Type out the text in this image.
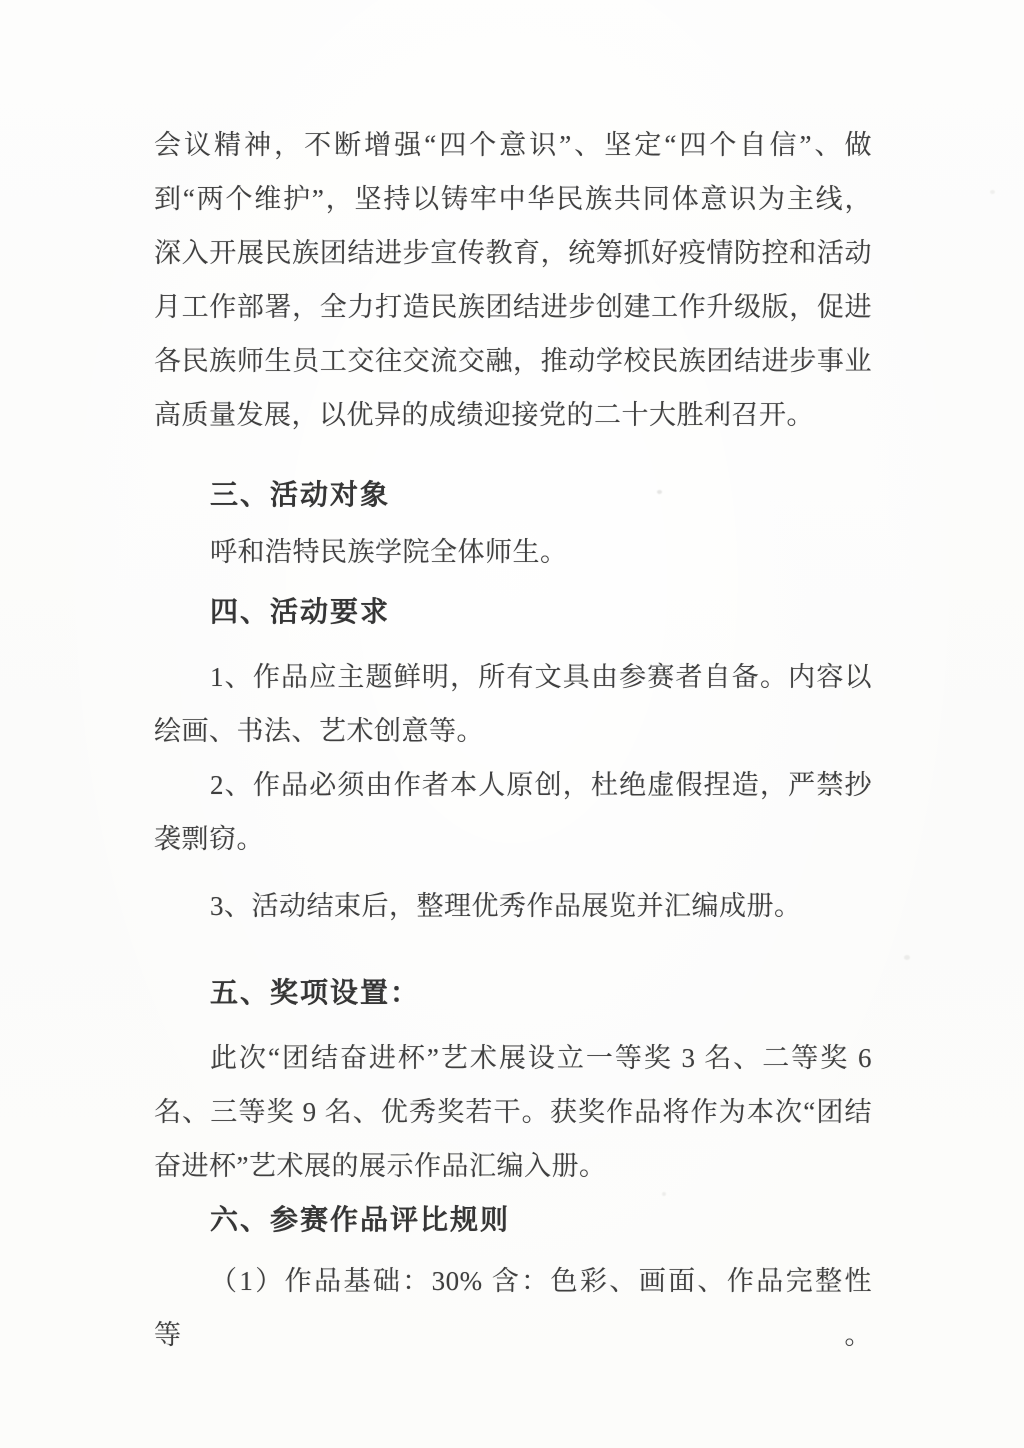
会议精神，不断增强“四个意识”、坚定“四个自信”、做
到“两个维护”，坚持以铸牢中华民族共同体意识为主线，
深入开展民族团结进步宣传教育，统筹抓好疫情防控和活动
月工作部署，全力打造民族团结进步创建工作升级版，促进
各民族师生员工交往交流交融，推动学校民族团结进步事业
高质量发展，以优异的成绩迎接党的二十大胜利召开。
三、活动对象
呼和浩特民族学院全体师生。
四、活动要求
1、作品应主题鲜明，所有文具由参赛者自备。内容以
绘画、书法、艺术创意等。
2、作品必须由作者本人原创，杜绝虚假捏造，严禁抄
袭剽窃。
3、活动结束后，整理优秀作品展览并汇编成册。
五、奖项设置：
此次“团结奋进杯”艺术展设立一等奖 3 名、二等奖 6
名、三等奖 9 名、优秀奖若干。获奖作品将作为本次“团结
奋进杯”艺术展的展示作品汇编入册。
六、参赛作品评比规则
（1）作品基础：30% 含：色彩、画面、作品完整性等。
